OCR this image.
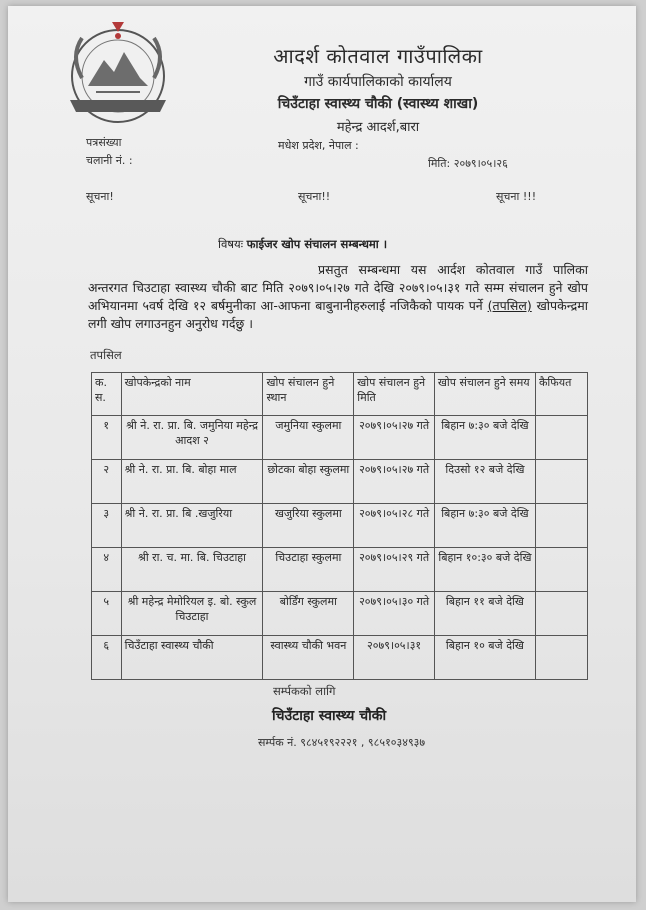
आदर्श कोतवाल गाउँपालिका
गाउँ कार्यपालिकाको कार्यालय
चिउँटाहा स्वास्थ्य चौकी (स्वास्थ्य शाखा)
महेन्द्र आदर्श,बारा
मधेश प्रदेश, नेपाल :
पत्रसंख्या
चलानी नं. :	मिति: २०७९।०५।२६
सूचना!	सूचना!!	सूचना !!!
विषयः फाईजर खोप संचालन सम्बन्धमा ।
प्रसतुत सम्बन्धमा यस आर्दश कोतवाल गाउँ पालिका अन्तरगत चिउटाहा स्वास्थ्य चौकी बाट मिति २०७९।०५।२७ गते देखि २०७९।०५।३१ गते सम्म संचालन हुने खोप अभियानमा ५वर्ष देखि १२ बर्षमुनीका आ-आफना बाबुनानीहरुलाई नजिकैको पायक पर्ने (तपसिल) खोपकेन्द्रमा लगी खोप लगाउनहुन अनुरोध गर्दछु ।
तपसिल
क. स.	खोपकेन्द्रको नाम	खोप संचालन हुने स्थान	खोप संचालन हुने मिति	खोप संचालन हुने समय	कैफियत
१	श्री ने. रा. प्रा. बि. जमुनिया महेन्द्र आदश २	जमुनिया स्कुलमा	२०७९।०५।२७ गते	बिहान ७:३० बजे देखि	
२	श्री ने. रा. प्रा. बि. बोहा माल	छोटका बोहा स्कुलमा	२०७९।०५।२७ गते	दिउसो १२ बजे देखि	
३	श्री ने. रा. प्रा. बि .खजुरिया	खजुरिया स्कुलमा	२०७९।०५।२८ गते	बिहान ७:३० बजे देखि	
४	श्री रा. च. मा. बि. चिउटाहा	चिउटाहा स्कुलमा	२०७९।०५।२९ गते	बिहान १०:३० बजे देखि	
५	श्री महेन्द्र मेमोरियल इ. बो. स्कुल चिउटाहा	बोर्डिंग स्कुलमा	२०७९।०५।३० गते	बिहान ११ बजे देखि	
६	चिउँटाहा स्वास्थ्य चौकी	स्वास्थ्य चौकी भवन	२०७९।०५।३१	बिहान १० बजे देखि	
सर्म्पकको लागि
चिउँटाहा स्वास्थ्य चौकी
सर्म्पक नं. ९८४५१९२२२१ , ९८५१०३४९३७
